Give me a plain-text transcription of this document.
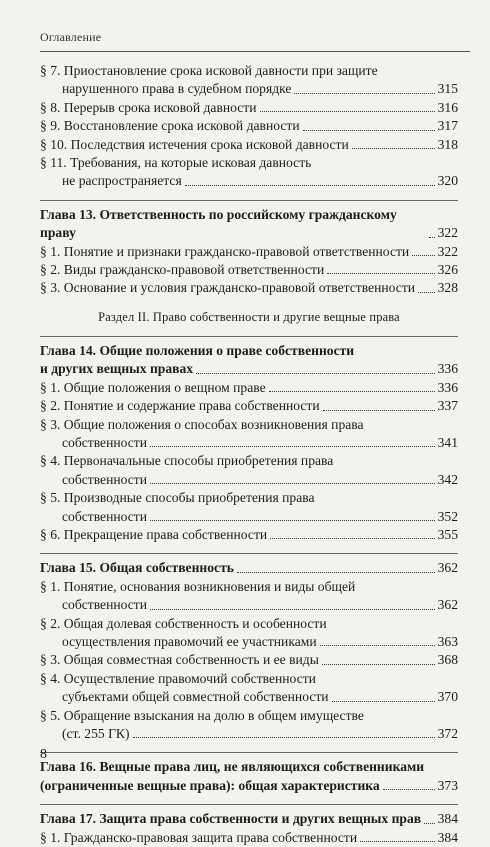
Оглавление
§ 7. Приостановление срока исковой давности при защите
нарушенного права в судебном порядке	315
§ 8. Перерыв срока исковой давности	316
§ 9. Восстановление срока исковой давности	317
§ 10. Последствия истечения срока исковой давности	318
§ 11. Требования, на которые исковая давность
не распространяется	320
Глава 13. Ответственность по российскому гражданскому праву	322
§ 1. Понятие и признаки гражданско-правовой ответственности 322
§ 2. Виды гражданско-правовой ответственности	326
§ 3. Основание и условия гражданско-правовой ответственности 328
Раздел II. Право собственности и другие вещные права
Глава 14. Общие положения о праве собственности
и других вещных правах	336
§ 1. Общие положения о вещном праве	336
§ 2. Понятие и содержание права собственности	337
§ 3. Общие положения о способах возникновения права
собственности	341
§ 4. Первоначальные способы приобретения права
собственности	342
§ 5. Производные способы приобретения права
собственности	352
§ 6. Прекращение права собственности	355
Глава 15. Общая собственность	362
§ 1. Понятие, основания возникновения и виды общей
собственности	362
§ 2. Общая долевая собственность и особенности
осуществления правомочий ее участниками	363
§ 3. Общая совместная собственность и ее виды	368
§ 4. Осуществление правомочий собственности
субъектами общей совместной собственности	370
§ 5. Обращение взыскания на долю в общем имуществе
(ст. 255 ГК)	372
Глава 16. Вещные права лиц, не являющихся собственниками
(ограниченные вещные права): общая характеристика	373
Глава 17. Защита права собственности и других вещных прав 384
§ 1. Гражданско-правовая защита права собственности	384
8
